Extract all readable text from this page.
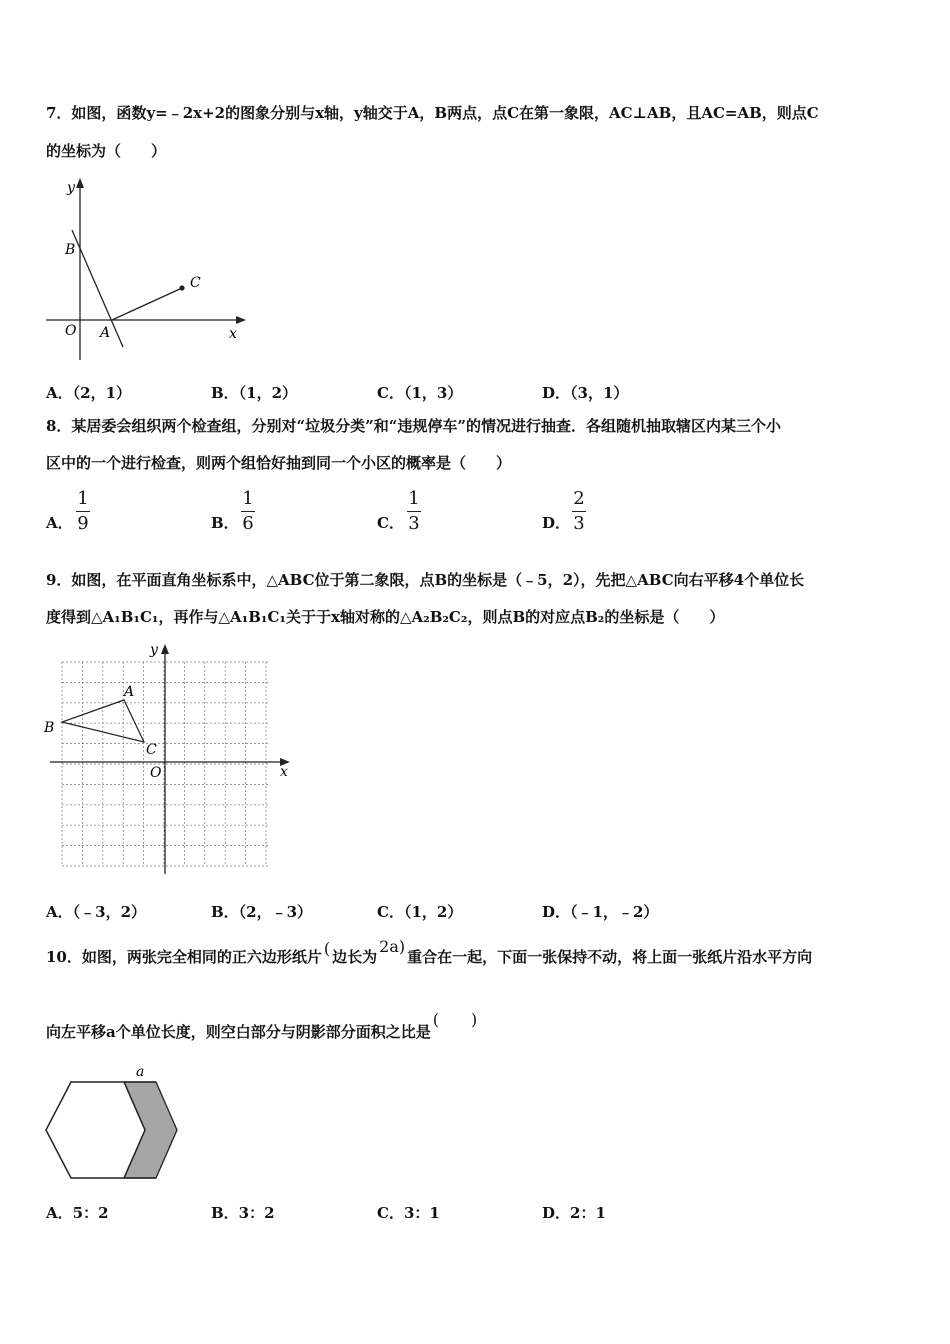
7．如图，函数y=﹣2x+2的图象分别与x轴，y轴交于A，B两点，点C在第一象限，AC⊥AB，且AC=AB，则点C
的坐标为（　　）
y
B
C
O A	x
A．（2，1）	B．（1，2）	C．（1，3）	D．（3，1）
8．某居委会组织两个检查组，分别对“垃圾分类”和“违规停车”的情况进行抽查．各组随机抽取辖区内某三个小
区中的一个进行检查，则两个组恰好抽到同一个小区的概率是（　　）
A．
1
9	B．
1
6	C．
1
3	D．
2
3
9．如图，在平面直角坐标系中，△ABC位于第二象限，点B的坐标是（﹣5，2），先把△ABC向右平移4个单位长
度得到△A₁B₁C₁，再作与△A₁B₁C₁关于于x轴对称的△A₂B₂C₂，则点B的对应点B₂的坐标是（　　）
y
A
B
C
O	x
A．（﹣3，2）	B．（2，﹣3）	C．（1，2）	D．（﹣1，﹣2）
10．如图，两张完全相同的正六边形纸片 ( 边长为2a)重合在一起，下面一张保持不动，将上面一张纸片沿水平方向
向左平移a个单位长度，则空白部分与阴影部分面积之比是(　　)
a
A．5：2	B．3：2	C．3：1	D．2：1
